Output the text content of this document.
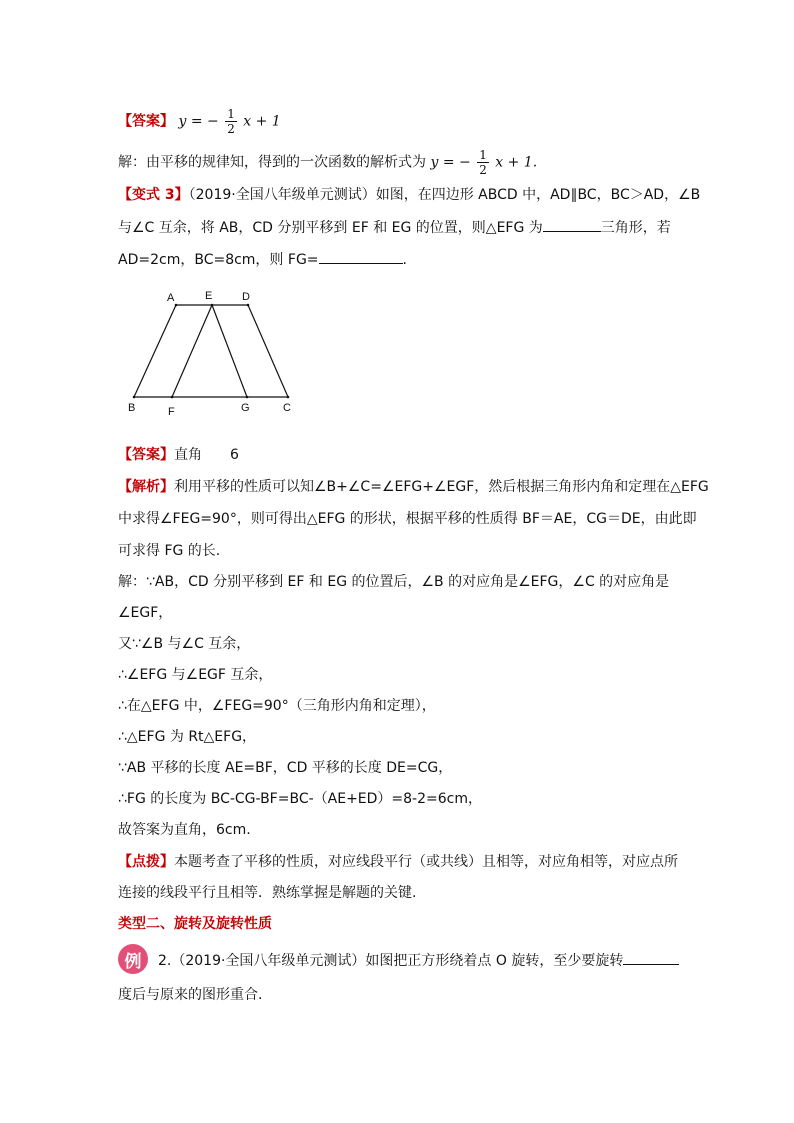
【答案】 y = − $\frac{1}{2}$ x + 1
解：由平移的规律知，得到的一次函数的解析式为 y = − $\frac{1}{2}$ x + 1.
【变式 3】（2019·全国八年级单元测试）如图，在四边形 ABCD 中，AD∥BC，BC＞AD，∠B
与∠C 互余，将 AB，CD 分别平移到 EF 和 EG 的位置，则△EFG 为	三角形，若
AD=2cm，BC=8cm，则 FG=	.
A	E	D
B	F	G	C
【答案】直角 6
【解析】利用平移的性质可以知∠B+∠C=∠EFG+∠EGF，然后根据三角形内角和定理在△EFG
中求得∠FEG=90°，则可得出△EFG 的形状，根据平移的性质得 BF＝AE，CG＝DE，由此即
可求得 FG 的长.
解：∵AB，CD 分别平移到 EF 和 EG 的位置后，∠B 的对应角是∠EFG，∠C 的对应角是
∠EGF，
又∵∠B 与∠C 互余，
∴∠EFG 与∠EGF 互余，
∴在△EFG 中，∠FEG=90°（三角形内角和定理），
∴△EFG 为 Rt△EFG，
∵AB 平移的长度 AE=BF，CD 平移的长度 DE=CG，
∴FG 的长度为 BC-CG-BF=BC-（AE+ED）=8-2=6cm，
故答案为直角，6cm.
【点拨】本题考查了平移的性质，对应线段平行（或共线）且相等，对应角相等，对应点所
连接的线段平行且相等．熟练掌握是解题的关键.
类型二、旋转及旋转性质
例	2.（2019·全国八年级单元测试）如图把正方形绕着点 O 旋转，至少要旋转
度后与原来的图形重合.
